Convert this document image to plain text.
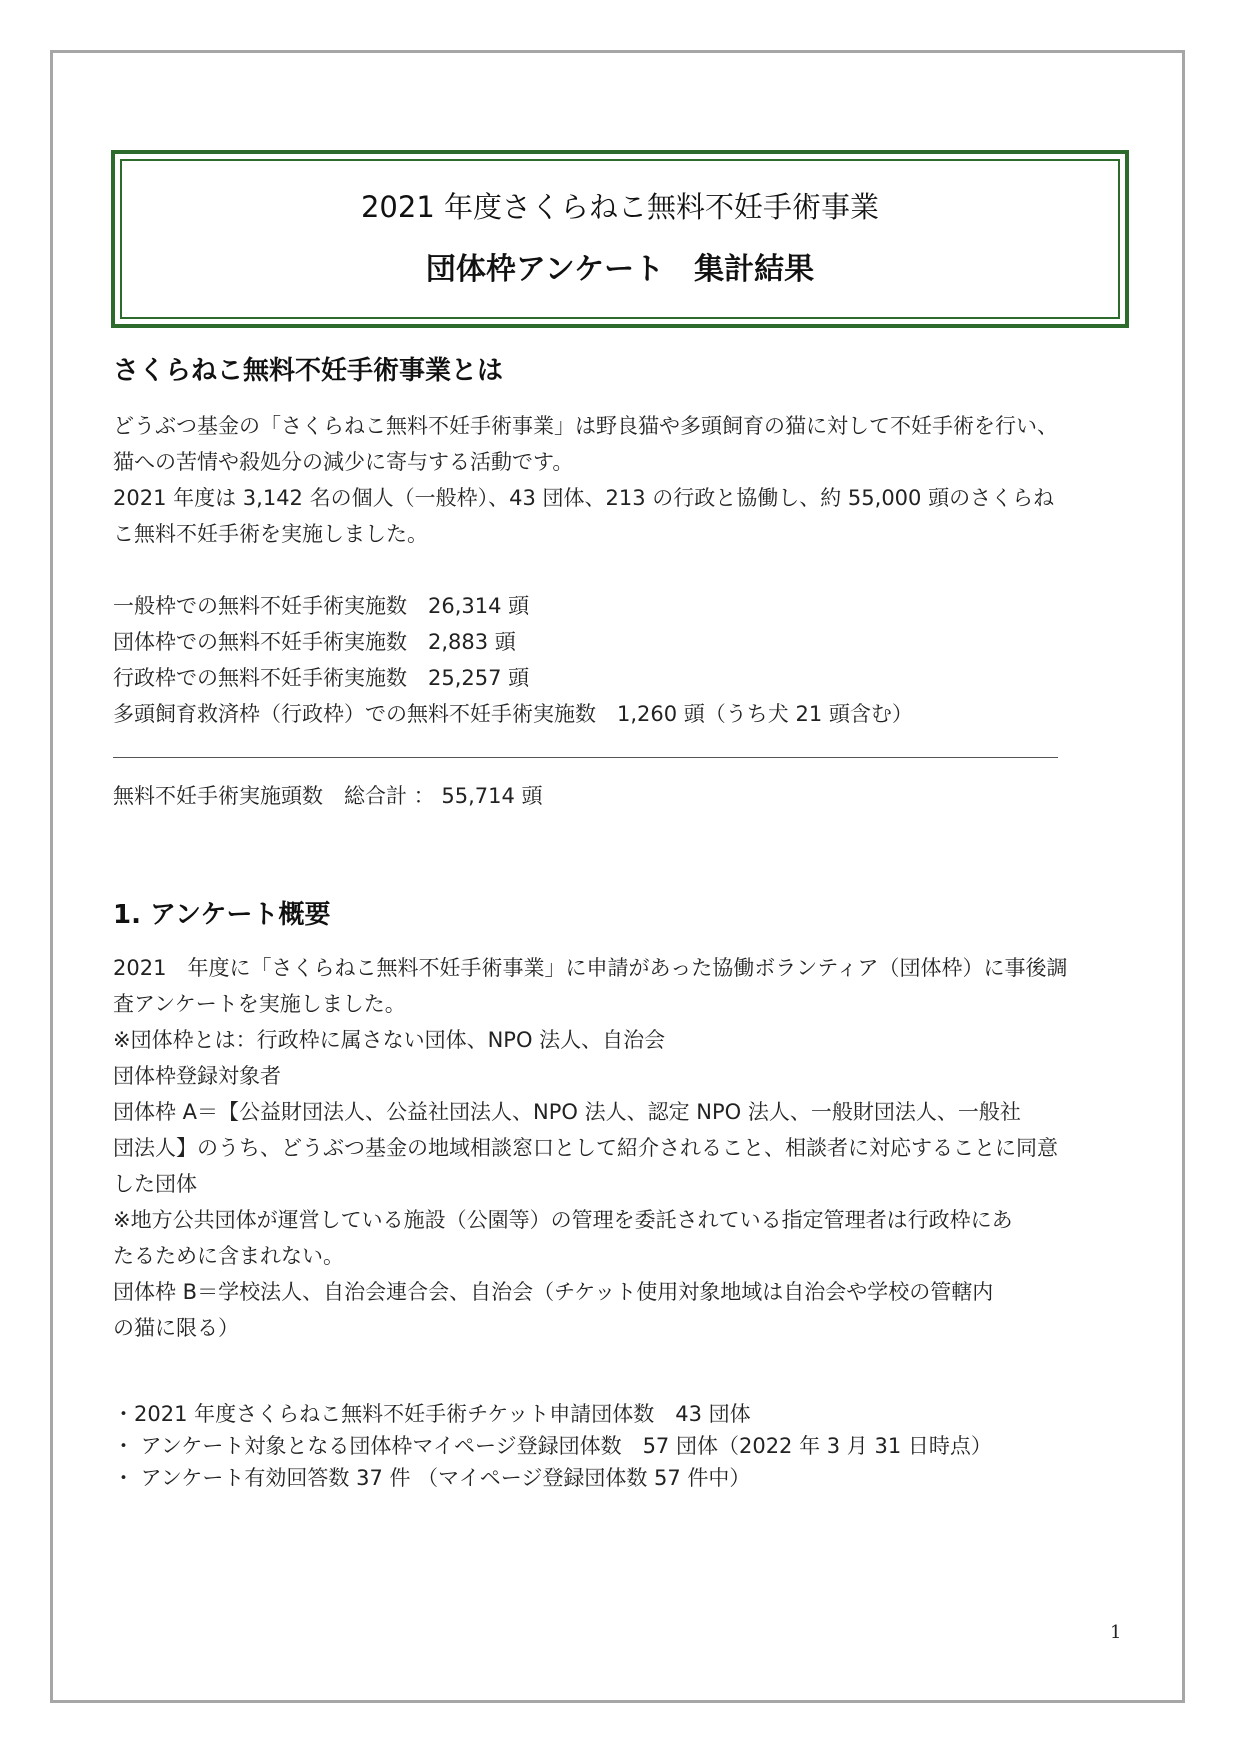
2021 年度さくらねこ無料不妊手術事業
団体枠アンケート　集計結果
さくらねこ無料不妊手術事業とは
どうぶつ基金の「さくらねこ無料不妊手術事業」は野良猫や多頭飼育の猫に対して不妊手術を行い、
猫への苦情や殺処分の減少に寄与する活動です。
2021 年度は 3,142 名の個人（一般枠）、43 団体、213 の行政と協働し、約 55,000 頭のさくらね
こ無料不妊手術を実施しました。
一般枠での無料不妊手術実施数　26,314 頭
団体枠での無料不妊手術実施数　2,883 頭
行政枠での無料不妊手術実施数　25,257 頭
多頭飼育救済枠（行政枠）での無料不妊手術実施数　1,260 頭（うち犬 21 頭含む）
無料不妊手術実施頭数　総合計 ： 55,714 頭
1. アンケート概要
2021　年度に「さくらねこ無料不妊手術事業」に申請があった協働ボランティア（団体枠）に事後調
査アンケートを実施しました。
※団体枠とは：行政枠に属さない団体、NPO 法人、自治会
団体枠登録対象者
団体枠 A＝【公益財団法人、公益社団法人、NPO 法人、認定 NPO 法人、一般財団法人、一般社
団法人】のうち、どうぶつ基金の地域相談窓口として紹介されること、相談者に対応することに同意
した団体
※地方公共団体が運営している施設（公園等）の管理を委託されている指定管理者は行政枠にあ
たるために含まれない。
団体枠 B＝学校法人、自治会連合会、自治会（チケット使用対象地域は自治会や学校の管轄内
の猫に限る）
・2021 年度さくらねこ無料不妊手術チケット申請団体数　43 団体
・ アンケート対象となる団体枠マイページ登録団体数　57 団体（2022 年 3 月 31 日時点）
・ アンケート有効回答数 37 件 （マイページ登録団体数 57 件中）
1
